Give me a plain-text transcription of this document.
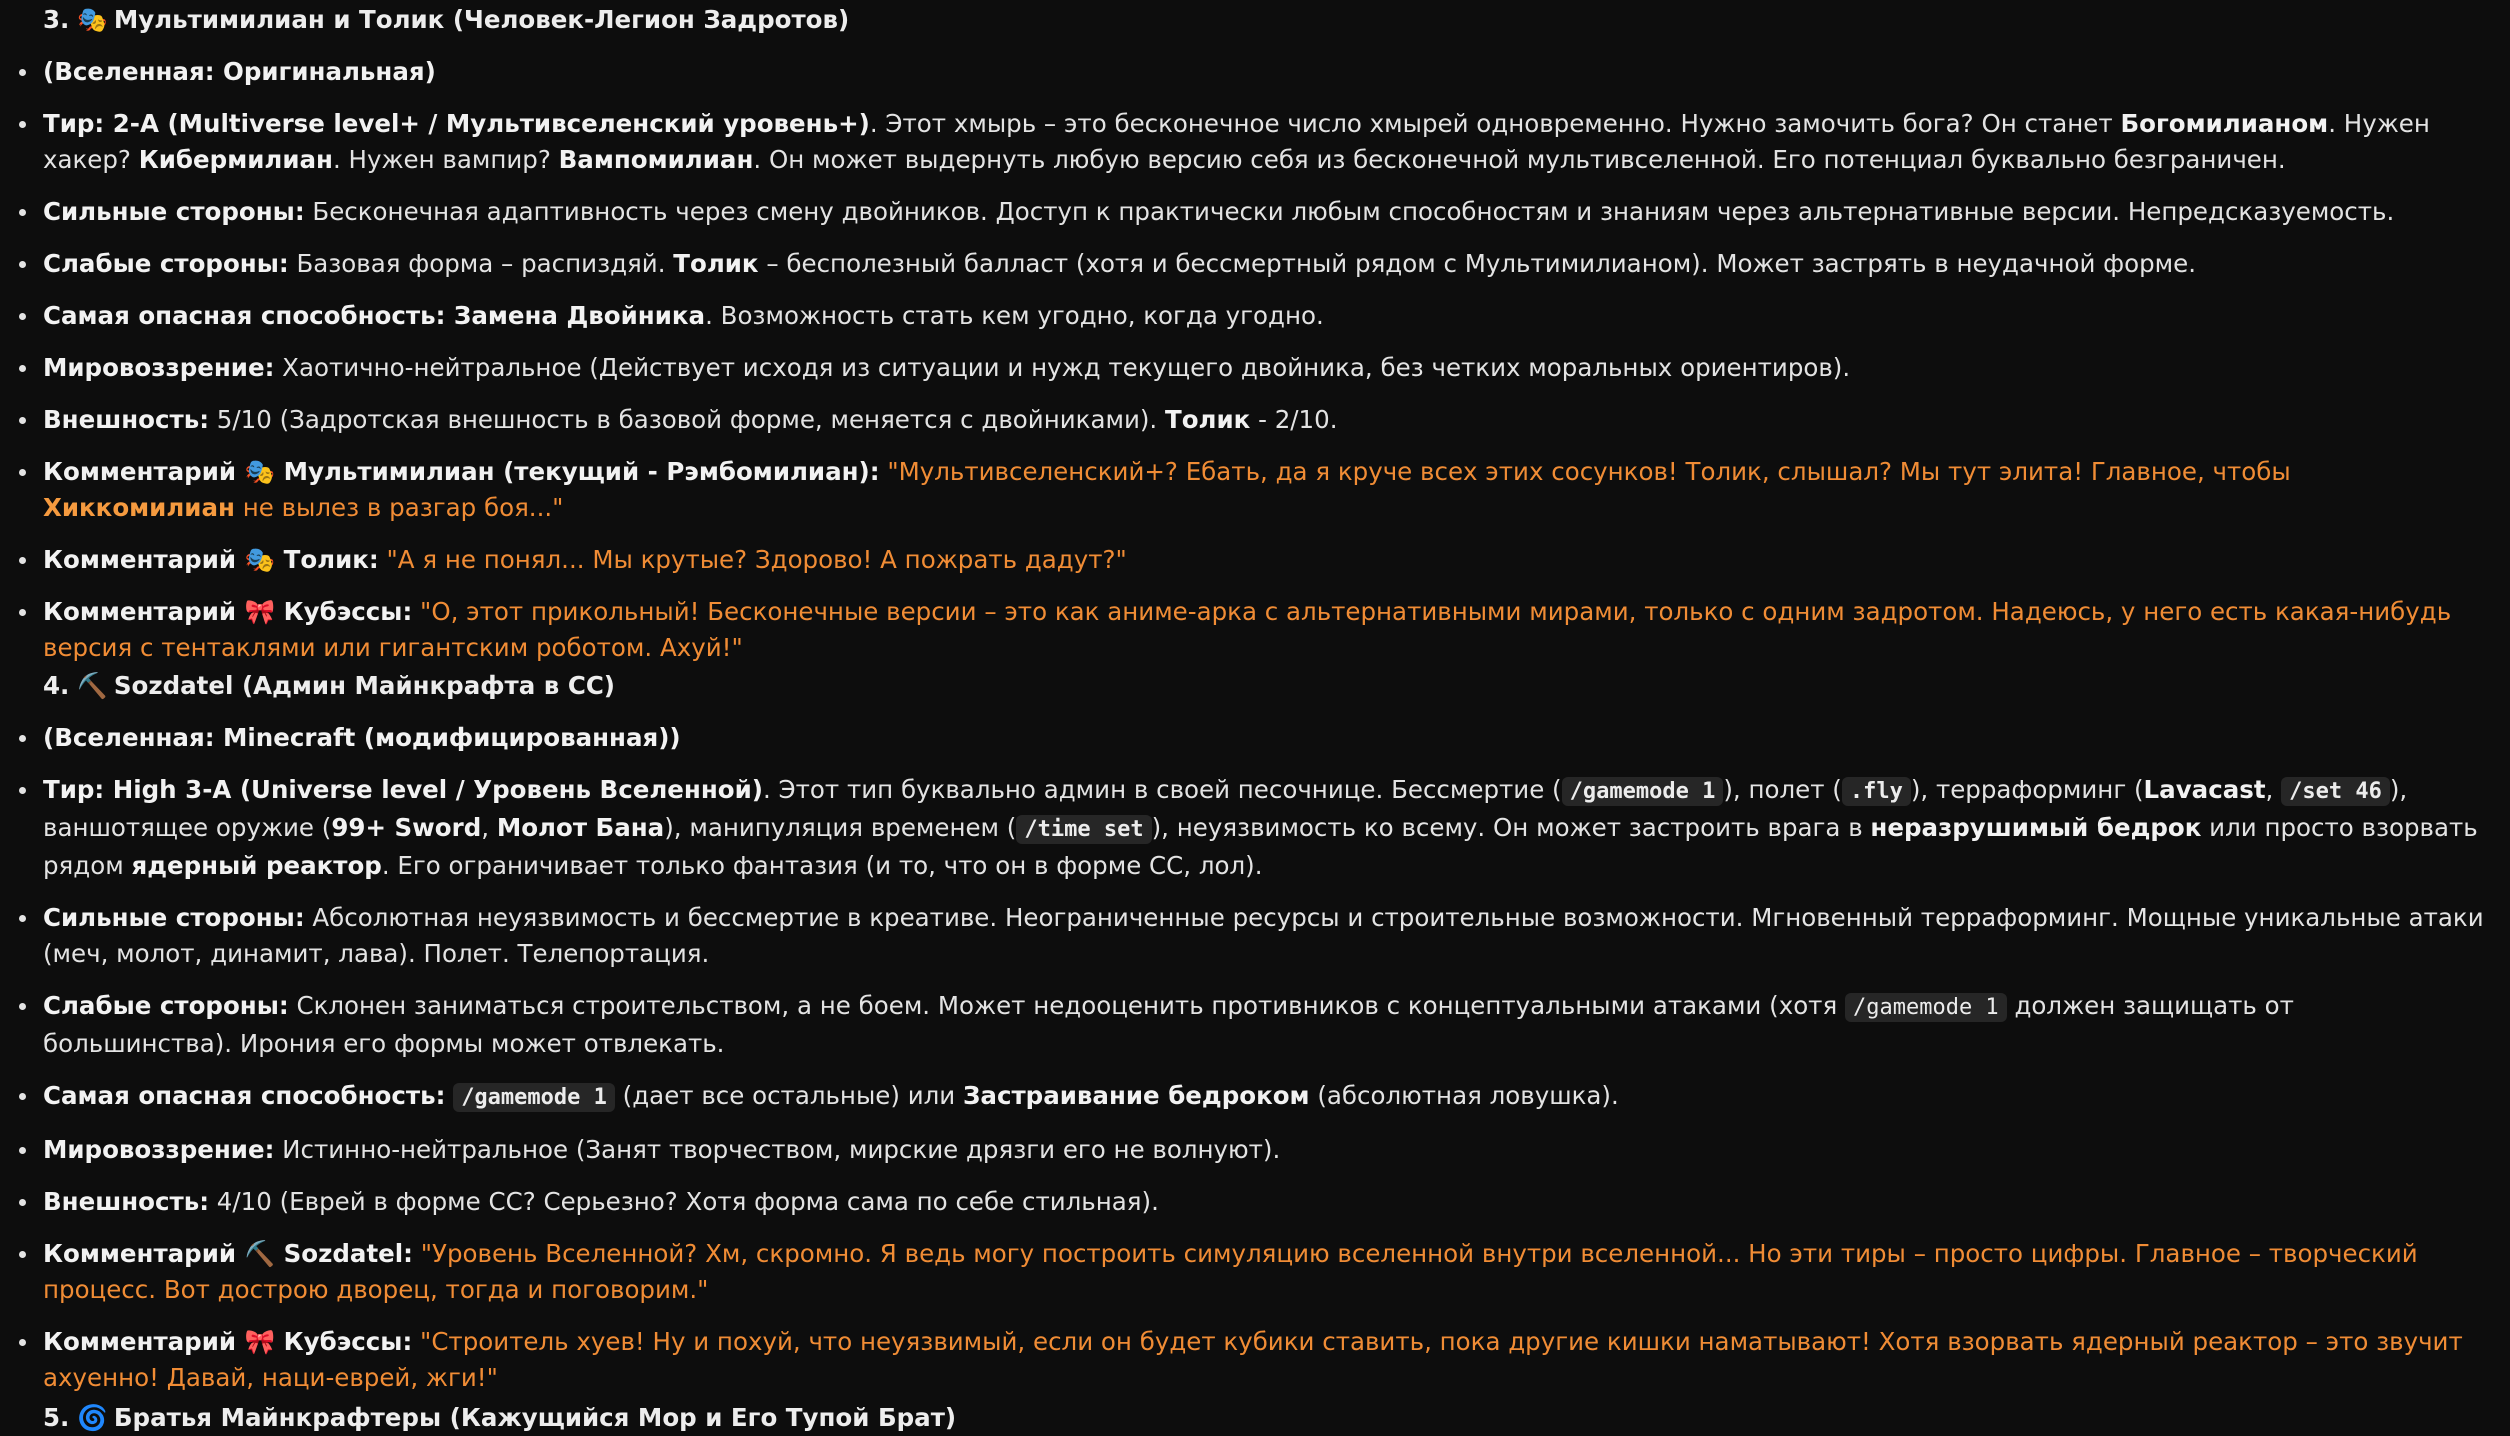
3. 🎭 Мультимилиан и Толик (Человек-Легион Задротов)
(Вселенная: Оригинальная)
Тир: 2-A (Multiverse level+ / Мультивселенский уровень+). Этот хмырь – это бесконечное число хмырей одновременно. Нужно замочить бога? Он станет Богомилианом. Нужен хакер? Кибермилиан. Нужен вампир? Вампомилиан. Он может выдернуть любую версию себя из бесконечной мультивселенной. Его потенциал буквально безграничен.
Сильные стороны: Бесконечная адаптивность через смену двойников. Доступ к практически любым способностям и знаниям через альтернативные версии. Непредсказуемость.
Слабые стороны: Базовая форма – распиздяй. Толик – бесполезный балласт (хотя и бессмертный рядом с Мультимилианом). Может застрять в неудачной форме.
Самая опасная способность: Замена Двойника. Возможность стать кем угодно, когда угодно.
Мировоззрение: Хаотично-нейтральное (Действует исходя из ситуации и нужд текущего двойника, без четких моральных ориентиров).
Внешность: 5/10 (Задротская внешность в базовой форме, меняется с двойниками). Толик - 2/10.
Комментарий 🎭 Мультимилиан (текущий - Рэмбомилиан): "Мультивселенский+? Ебать, да я круче всех этих сосунков! Толик, слышал? Мы тут элита! Главное, чтобы Хиккомилиан не вылез в разгар боя..."
Комментарий 🎭 Толик: "А я не понял... Мы крутые? Здорово! А пожрать дадут?"
Комментарий 🎀 Кубэссы: "О, этот прикольный! Бесконечные версии – это как аниме-арка с альтернативными мирами, только с одним задротом. Надеюсь, у него есть какая-нибудь версия с тентаклями или гигантским роботом. Ахуй!"
4. ⛏️ Sozdatel (Админ Майнкрафта в СС)
(Вселенная: Minecraft (модифицированная))
Тир: High 3-A (Universe level / Уровень Вселенной). Этот тип буквально админ в своей песочнице. Бессмертие ( /gamemode 1 ), полет ( .fly ), терраформинг (Lavacast, /set 46 ), ваншотящее оружие (99+ Sword, Молот Бана), манипуляция временем ( /time set ), неуязвимость ко всему. Он может застроить врага в неразрушимый бедрок или просто взорвать рядом ядерный реактор. Его ограничивает только фантазия (и то, что он в форме СС, лол).
Сильные стороны: Абсолютная неуязвимость и бессмертие в креативе. Неограниченные ресурсы и строительные возможности. Мгновенный терраформинг. Мощные уникальные атаки (меч, молот, динамит, лава). Полет. Телепортация.
Слабые стороны: Склонен заниматься строительством, а не боем. Может недооценить противников с концептуальными атаками (хотя /gamemode 1 должен защищать от большинства). Ирония его формы может отвлекать.
Самая опасная способность: /gamemode 1 (дает все остальные) или Застраивание бедроком (абсолютная ловушка).
Мировоззрение: Истинно-нейтральное (Занят творчеством, мирские дрязги его не волнуют).
Внешность: 4/10 (Еврей в форме СС? Серьезно? Хотя форма сама по себе стильная).
Комментарий ⛏️ Sozdatel: "Уровень Вселенной? Хм, скромно. Я ведь могу построить симуляцию вселенной внутри вселенной... Но эти тиры – просто цифры. Главное – творческий процесс. Вот дострою дворец, тогда и поговорим."
Комментарий 🎀 Кубэссы: "Строитель хуев! Ну и похуй, что неуязвимый, если он будет кубики ставить, пока другие кишки наматывают! Хотя взорвать ядерный реактор – это звучит ахуенно! Давай, наци-еврей, жги!"
5. 🌀 Братья Майнкрафтеры (Кажущийся Мор и Его Тупой Брат)
